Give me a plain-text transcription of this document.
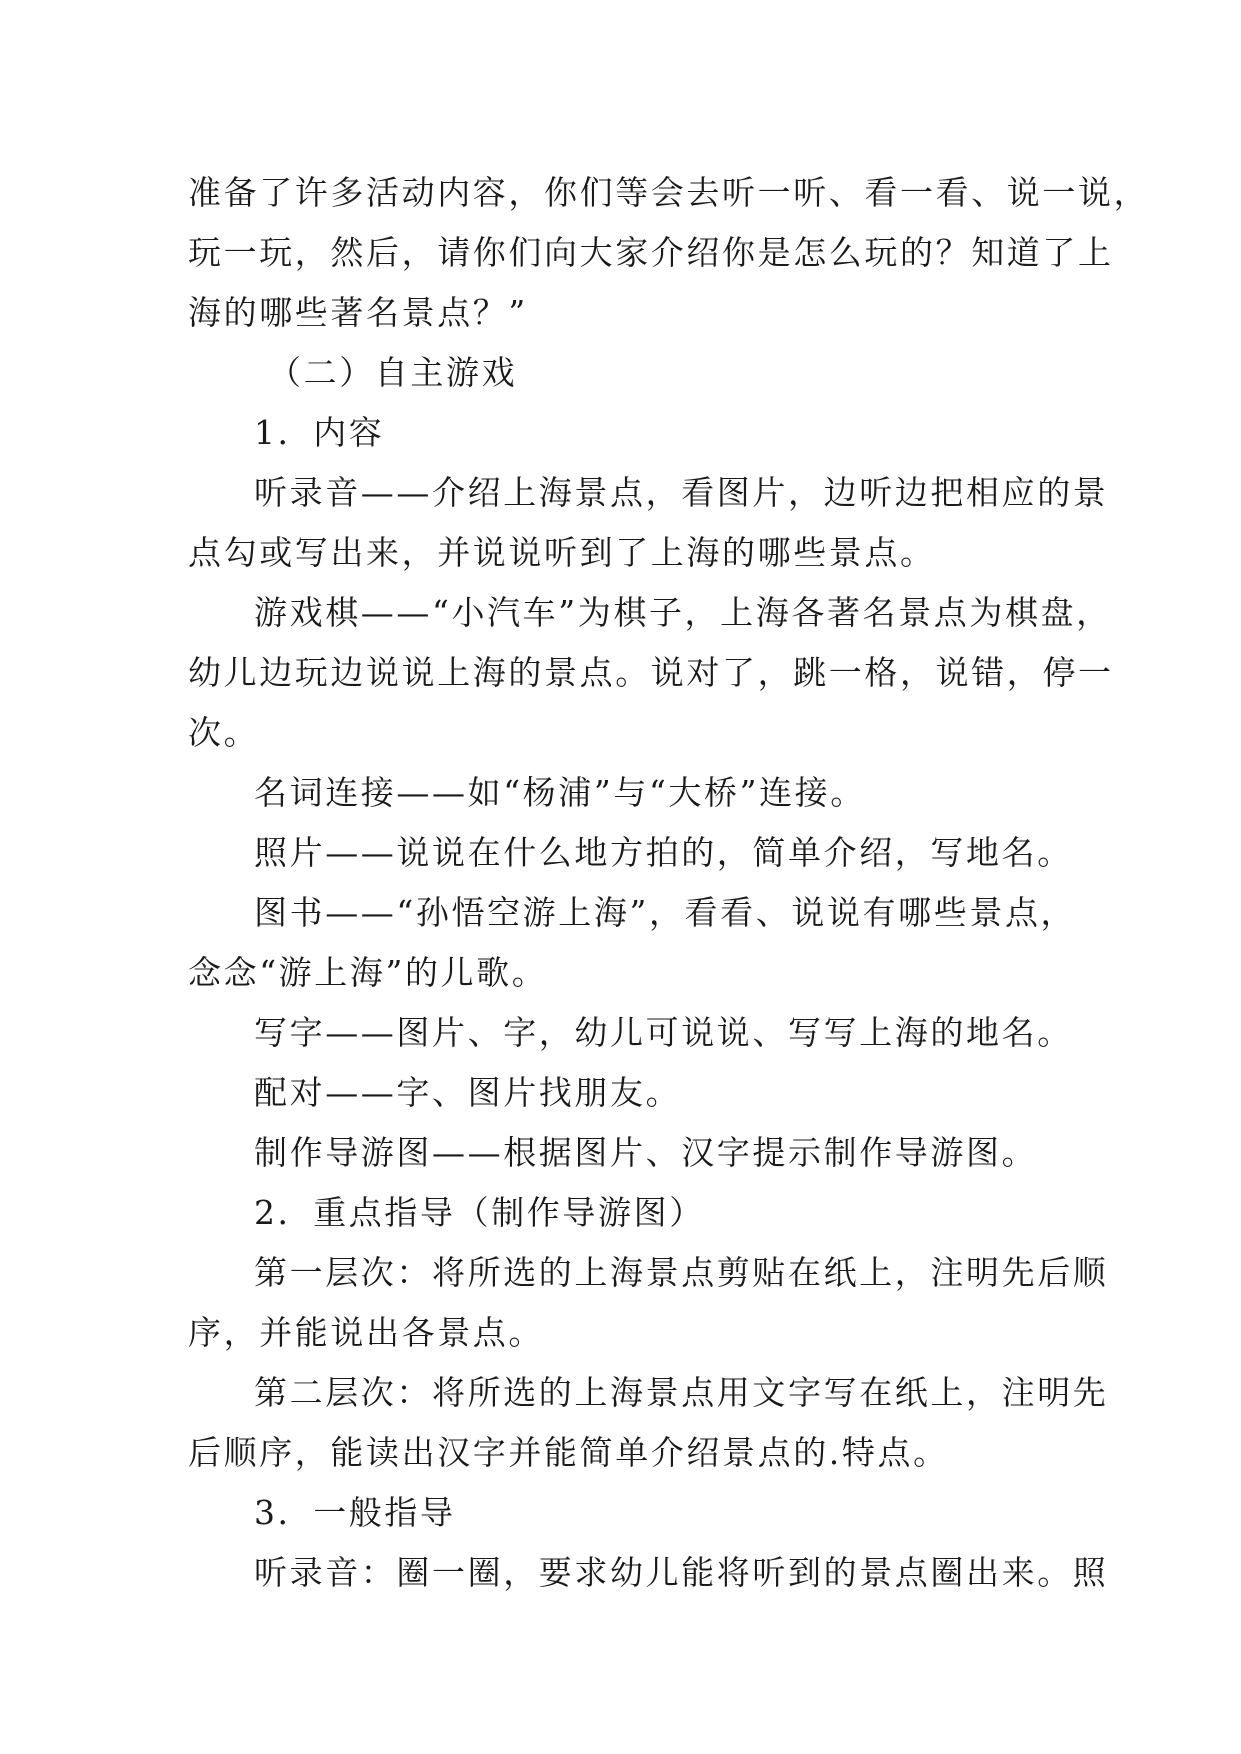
准备了许多活动内容，你们等会去听一听、看一看、说一说，
玩一玩，然后，请你们向大家介绍你是怎么玩的？知道了上
海的哪些著名景点？”
（二）自主游戏
1．内容
听录音——介绍上海景点，看图片，边听边把相应的景
点勾或写出来，并说说听到了上海的哪些景点。
游戏棋——“小汽车”为棋子，上海各著名景点为棋盘，
幼儿边玩边说说上海的景点。说对了，跳一格，说错，停一
次。
名词连接——如“杨浦”与“大桥”连接。
照片——说说在什么地方拍的，简单介绍，写地名。
图书——“孙悟空游上海”，看看、说说有哪些景点，
念念“游上海”的儿歌。
写字——图片、字，幼儿可说说、写写上海的地名。
配对——字、图片找朋友。
制作导游图——根据图片、汉字提示制作导游图。
2．重点指导（制作导游图）
第一层次：将所选的上海景点剪贴在纸上，注明先后顺
序，并能说出各景点。
第二层次：将所选的上海景点用文字写在纸上，注明先
后顺序，能读出汉字并能简单介绍景点的.特点。
3．一般指导
听录音：圈一圈，要求幼儿能将听到的景点圈出来。照
